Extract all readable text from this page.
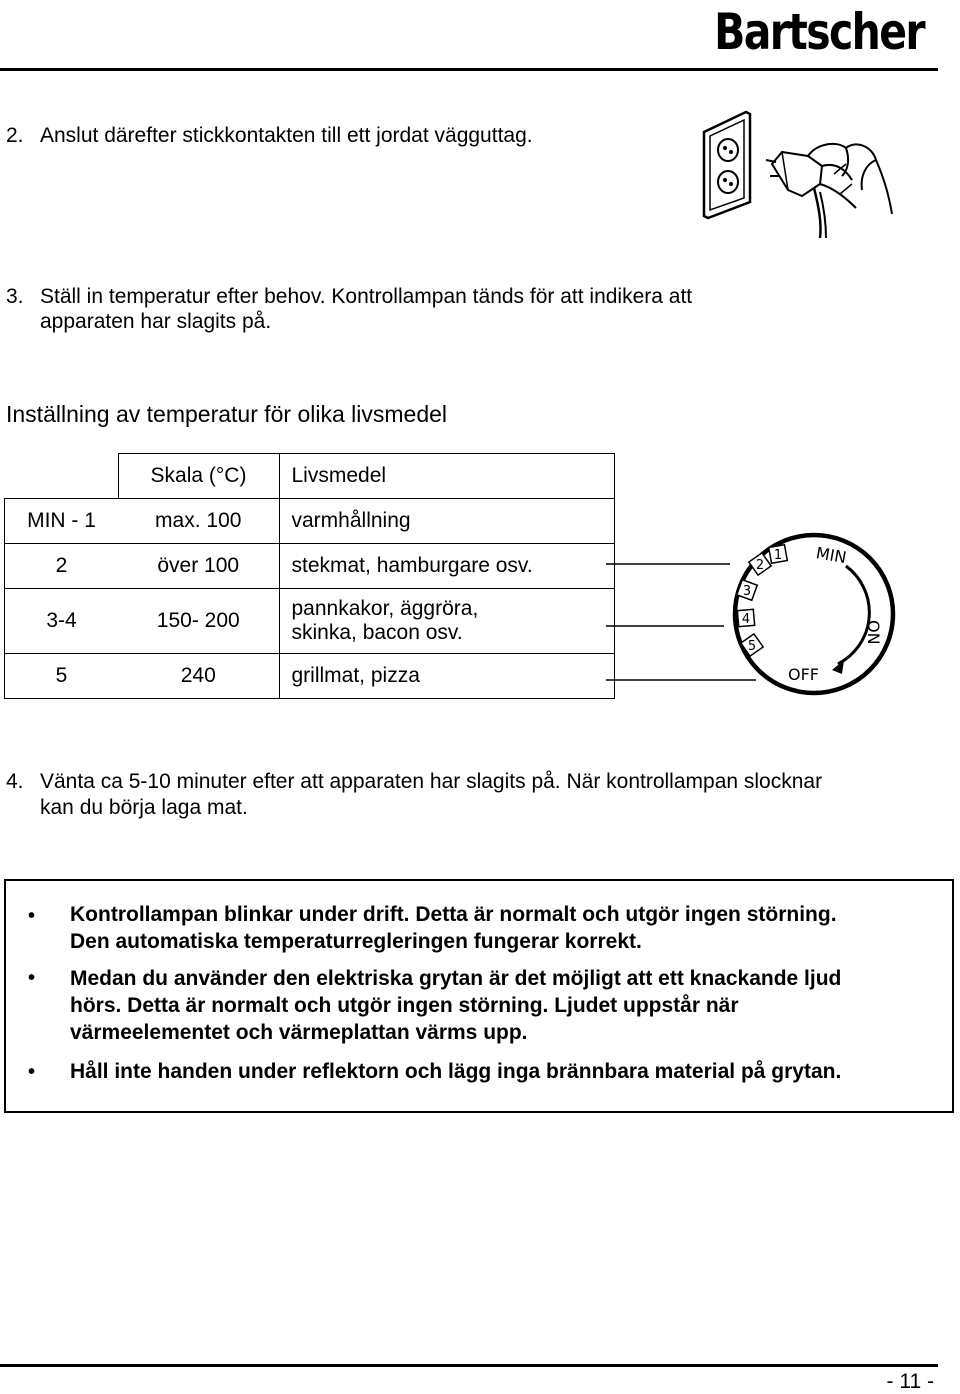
Bartscher
2. Anslut därefter stickkontakten till ett jordat vägguttag.
3. Ställ in temperatur efter behov. Kontrollampan tänds för att indikera att
apparaten har slagits på.
Inställning av temperatur för olika livsmedel
	Skala (°C)	Livsmedel
MIN - 1	max. 100	varmhållning
2	över 100	stekmat, hamburgare osv.
3-4	150- 200	pannkakor, äggröra,
skinka, bacon osv.

5	240	grillmat, pizza
1
2
3
4
5
MIN
ON
OFF
4. Vänta ca 5-10 minuter efter att apparaten har slagits på. När kontrollampan slocknar
kan du börja laga mat.
• Kontrollampan blinkar under drift. Detta är normalt och utgör ingen störning.
Den automatiska temperaturregleringen fungerar korrekt.
• Medan du använder den elektriska grytan är det möjligt att ett knackande ljud
hörs. Detta är normalt och utgör ingen störning. Ljudet uppstår när
värmeelementet och värmeplattan värms upp.
• Håll inte handen under reflektorn och lägg inga brännbara material på grytan.
- 11 -
